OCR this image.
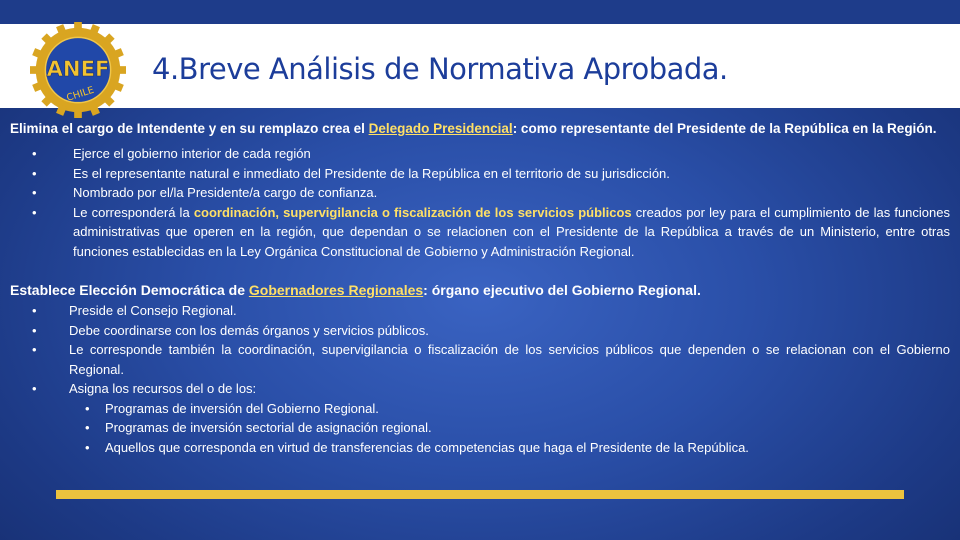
ANEF
CHILE
4.Breve Análisis de Normativa Aprobada.

Elimina el cargo de Intendente y en su remplazo crea el Delegado Presidencial: como representante del Presidente de la República en la Región.

• Ejerce el gobierno interior de cada región
• Es el representante natural e inmediato del Presidente de la República en el territorio de su jurisdicción.
• Nombrado por el/la Presidente/a cargo de confianza.
• Le corresponderá la coordinación, supervigilancia o fiscalización de los servicios públicos creados por ley para el cumplimiento de las funciones administrativas que operen en la región, que dependan o se relacionen con el Presidente de la República a través de un Ministerio, entre otras funciones establecidas en la Ley Orgánica Constitucional de Gobierno y Administración Regional.

Establece Elección Democrática de Gobernadores Regionales: órgano ejecutivo del Gobierno Regional.

• Preside el Consejo Regional.
• Debe coordinarse con los demás órganos y servicios públicos.
• Le corresponde también la coordinación, supervigilancia o fiscalización de los servicios públicos que dependen o se relacionan con el Gobierno Regional.
• Asigna los recursos del o de los:
• Programas de inversión del Gobierno Regional.
• Programas de inversión sectorial de asignación regional.
• Aquellos que corresponda en virtud de transferencias de competencias que haga el Presidente de la República.
